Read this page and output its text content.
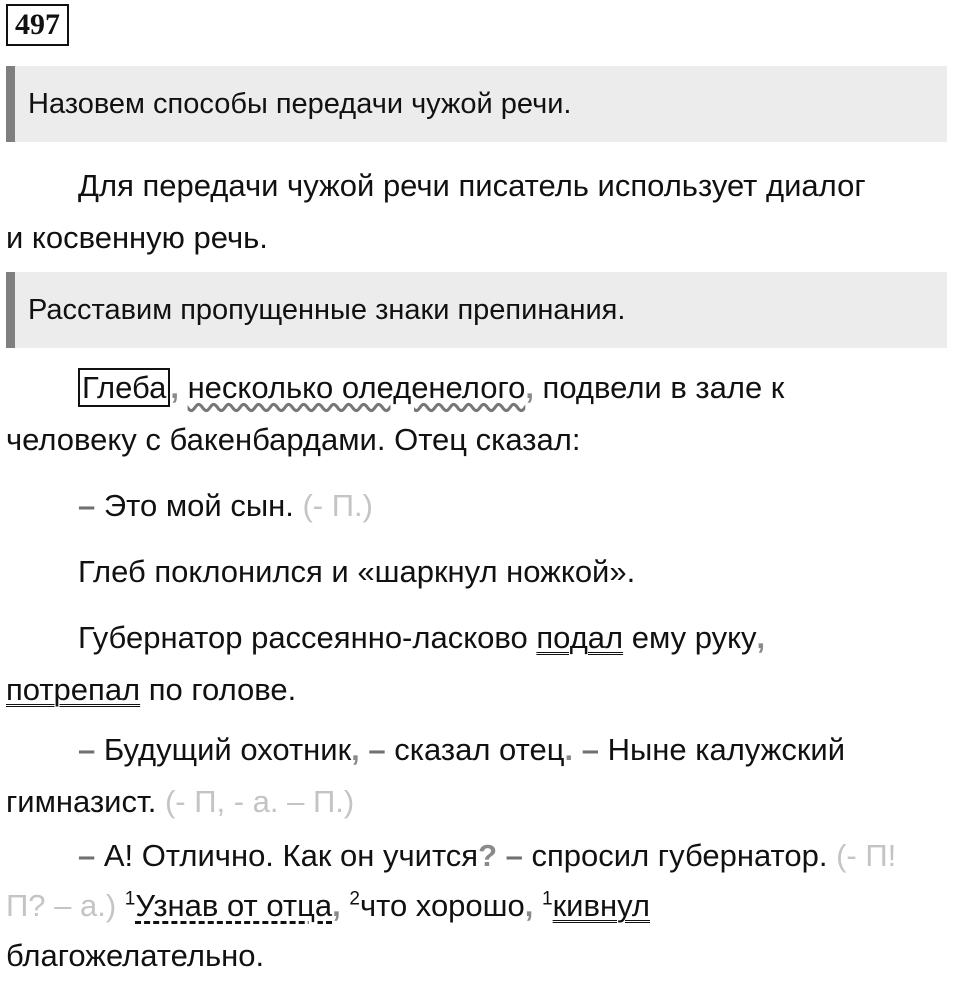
497
Назовем способы передачи чужой речи.
Для передачи чужой речи писатель использует диалог
и косвенную речь.
Расставим пропущенные знаки препинания.
Глеба , несколько оледенелого, подвели в зале к
человеку с бакенбардами. Отец сказал:
– Это мой сын. (- П.)
Глеб поклонился и «шаркнул ножкой».
Губернатор рассеянно-ласково подал ему руку,
потрепал по голове.
– Будущий охотник, – сказал отец. – Ныне калужский
гимназист. (- П, - а. – П.)
– А! Отлично. Как он учится? – спросил губернатор. (- П!
П? – а.) $^1$Узнав от отца, $^2$что хорошо, $^1$кивнул
благожелательно.
